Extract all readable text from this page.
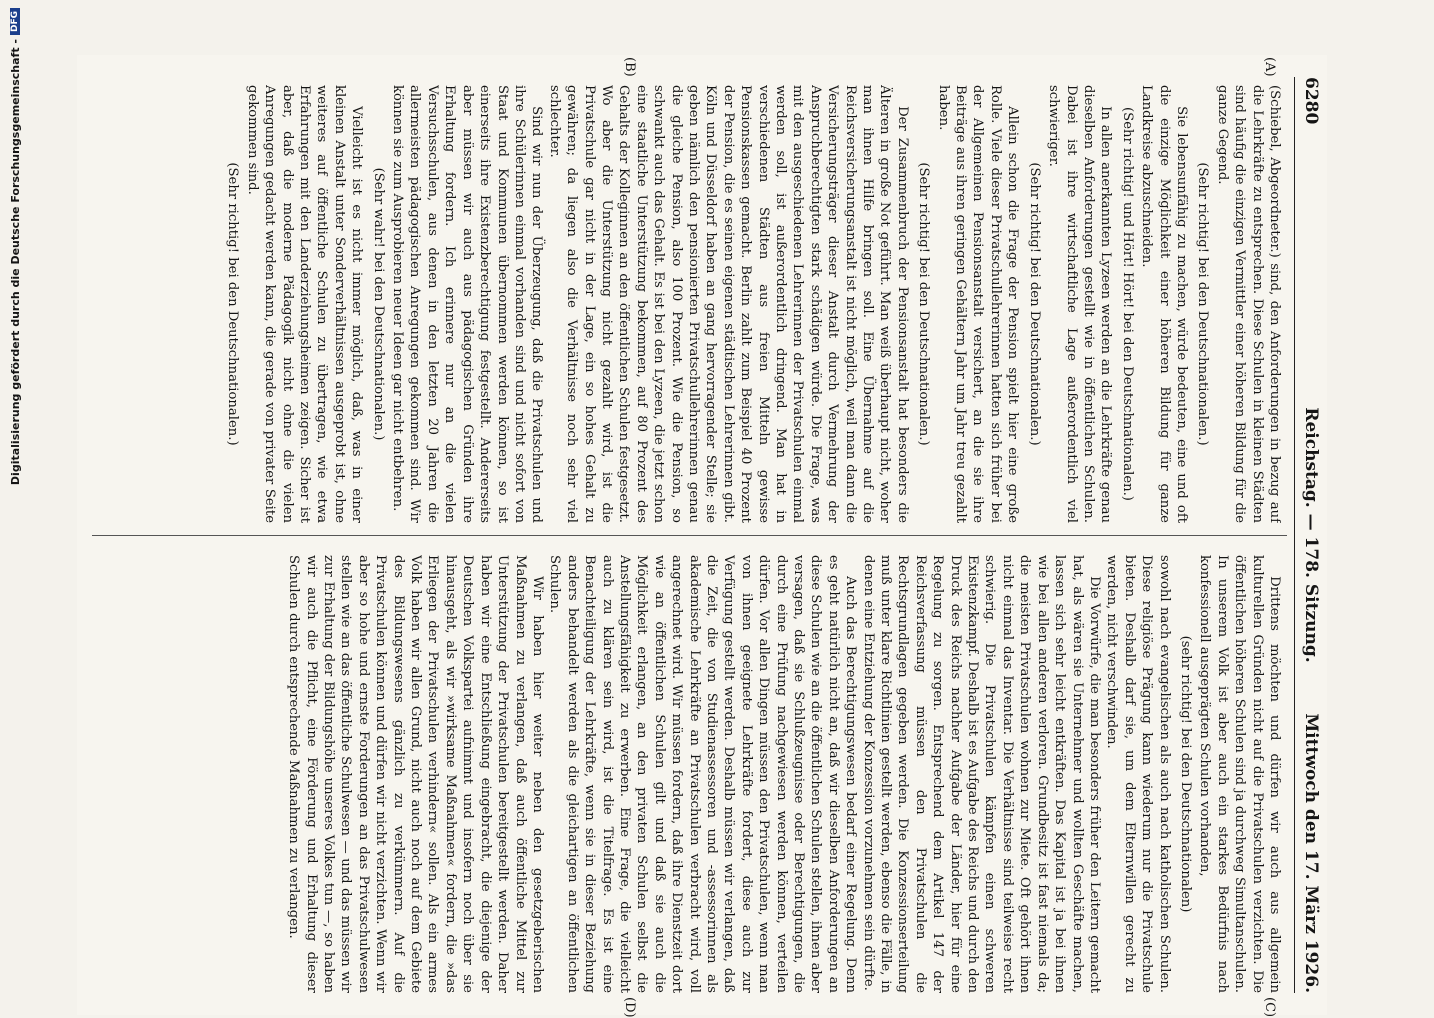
6280
Reichstag. — 178. Sitzung.
Mittwoch den 17. März 1926.
(A)
(B)
(C)
(D)

(Schiebel, Abgeordneter.) sind, den Anforderungen in bezug auf die Lehrkräfte zu entsprechen. Diese Schulen in kleinen Städten sind häufig die einzigen Vermittler einer höheren Bildung für die ganze Gegend.

(Sehr richtig! bei den Deutschnationalen.)

Sie lebensunfähig zu machen, würde bedeuten, eine und oft die einzige Möglichkeit einer höheren Bildung für ganze Landkreise abzuschneiden.

(Sehr richtig! und Hört! Hört! bei den Deutschnationalen.)

In allen anerkannten Lyzeen werden an die Lehrkräfte genau dieselben Anforderungen gestellt wie in öffentlichen Schulen. Dabei ist ihre wirtschaftliche Lage außerordentlich viel schwieriger.

(Sehr richtig! bei den Deutschnationalen.)

Allein schon die Frage der Pension spielt hier eine große Rolle. Viele dieser Privatschullehrerinnen hatten sich früher bei der Allgemeinen Pensionsanstalt versichert, an die sie ihre Beiträge aus ihren geringen Gehältern Jahr um Jahr treu gezahlt haben.

(Sehr richtig! bei den Deutschnationalen.)

Der Zusammenbruch der Pensionsanstalt hat besonders die Älteren in große Not geführt. Man weiß überhaupt nicht, woher man ihnen Hilfe bringen soll. Eine Übernahme auf die Reichsversicherungsanstalt ist nicht möglich, weil man dann die Versicherungsträger dieser Anstalt durch Vermehrung der Anspruchberechtigten stark schädigen würde. Die Frage, was mit den ausgeschiedenen Lehrerinnen der Privatschulen einmal werden soll, ist außerordentlich dringend. Man hat in verschiedenen Städten aus freien Mitteln gewisse Pensionskassen gemacht. Berlin zahlt zum Beispiel 40 Prozent der Pension, die es seinen eigenen städtischen Lehrerinnen gibt. Köln und Düsseldorf haben an gang hervorragender Stelle; sie geben nämlich den pensionierten Privatschullehrerinnen genau die gleiche Pension, also 100 Prozent. Wie die Pension, so schwankt auch das Gehalt. Es ist bei den Lyzeen, die jetzt schon eine staatliche Unterstützung bekommen, auf 80 Prozent des Gehalts der Kolleginnen an den öffentlichen Schulen festgesetzt. Wo aber die Unterstützung nicht gezahlt wird, ist die Privatschule gar nicht in der Lage, ein so hohes Gehalt zu gewähren; da liegen also die Verhältnisse noch sehr viel schlechter.

Sind wir nun der Überzeugung, daß die Privatschulen und ihre Schülerinnen einmal vorhanden sind und nicht sofort von Staat und Kommunen übernommen werden können, so ist einerseits ihre Existenzberechtigung festgestellt. Andererseits aber müssen wir auch aus pädagogischen Gründen ihre Erhaltung fordern. Ich erinnere nur an die vielen Versuchsschulen, aus denen in den letzten 20 Jahren die allermeisten pädagogischen Anregungen gekommen sind. Wir können sie zum Ausprobieren neuer Ideen gar nicht entbehren.

(Sehr wahr! bei den Deutschnationalen.)

Vielleicht ist es nicht immer möglich, daß, was in einer kleinen Anstalt unter Sonderverhältnissen ausgeprobt ist, ohne weiteres auf öffentliche Schulen zu übertragen, wie etwa Erfahrungen mit den Landerziehungsheimen zeigen. Sicher ist aber, daß die moderne Pädagogik nicht ohne die vielen Anregungen gedacht werden kann, die gerade von privater Seite gekommen sind.

(Sehr richtig! bei den Deutschnationalen.)

Drittens möchten und dürfen wir auch aus allgemein kulturellen Gründen nicht auf die Privatschulen verzichten. Die öffentlichen höheren Schulen sind ja durchweg Simultanschulen. In unserem Volk ist aber auch ein starkes Bedürfnis nach konfessionell ausgeprägten Schulen vorhanden,

(sehr richtig! bei den Deutschnationalen)

sowohl nach evangelischen als auch nach katholischen Schulen. Diese religiöse Prägung kann wiederum nur die Privatschule bieten. Deshalb darf sie, um dem Elternwillen gerecht zu werden, nicht verschwinden.

Die Vorwürfe, die man besonders früher den Leitern gemacht hat, als wären sie Unternehmer und wollten Geschäfte machen, lassen sich sehr leicht entkräften. Das Kapital ist ja bei ihnen wie bei allen anderen verloren. Grundbesitz ist fast niemals da; die meisten Privatschulen wohnen zur Miete. Oft gehört ihnen nicht einmal das Inventar. Die Verhältnisse sind teilweise recht schwierig. Die Privatschulen kämpfen einen schweren Existenzkampf. Deshalb ist es Aufgabe des Reichs und durch den Druck des Reichs nachher Aufgabe der Länder, hier für eine Regelung zu sorgen. Entsprechend dem Artikel 147 der Reichsverfassung müssen den Privatschulen die Rechtsgrundlagen gegeben werden. Die Konzessionserteilung muß unter klare Richtlinien gestellt werden, ebenso die Fälle, in denen eine Entziehung der Konzession vorzunehmen sein dürfte.

Auch das Berechtigungswesen bedarf einer Regelung. Denn es geht natürlich nicht an, daß wir dieselben Anforderungen an diese Schulen wie an die öffentlichen Schulen stellen, ihnen aber versagen, daß sie Schlußzeugnisse oder Berechtigungen, die durch eine Prüfung nachgewiesen werden können, verteilen dürfen. Vor allen Dingen müssen den Privatschulen, wenn man von ihnen geeignete Lehrkräfte fordert, diese auch zur Verfügung gestellt werden. Deshalb müssen wir verlangen, daß die Zeit, die von Studienassessoren und -assessorinnen als akademische Lehrkräfte an Privatschulen verbracht wird, voll angerechnet wird. Wir müssen fordern, daß ihre Dienstzeit dort wie an öffentlichen Schulen gilt und daß sie auch die Möglichkeit erlangen, an den privaten Schulen selbst die Anstellungsfähigkeit zu erwerben. Eine Frage, die vielleicht auch zu klären sein wird, ist die Titelfrage. Es ist eine Benachteiligung der Lehrkräfte, wenn sie in dieser Beziehung anders behandelt werden als die gleichartigen an öffentlichen Schulen.

Wir haben hier weiter neben den gesetzgeberischen Maßnahmen zu verlangen, daß auch öffentliche Mittel zur Unterstützung der Privatschulen bereitgestellt werden. Daher haben wir eine Entschließung eingebracht, die diejenige der Deutschen Volkspartei aufnimmt und insofern noch über sie hinausgeht, als wir »wirksame Maßnahmen« fordern, die »das Erliegen der Privatschulen verhindern« sollen. Als ein armes Volk haben wir allen Grund, nicht auch noch auf dem Gebiete des Bildungswesens gänzlich zu verkümmern. Auf die Privatschulen können und dürfen wir nicht verzichten. Wenn wir aber so hohe und ernste Forderungen an das Privatschulwesen stellen wie an das öffentliche Schulwesen — und das müssen wir zur Erhaltung der Bildungshöhe unseres Volkes tun —, so haben wir auch die Pflicht, eine Förderung und Erhaltung dieser Schulen durch entsprechende Maßnahmen zu verlangen.

Digitalisierung gefördert durch die Deutsche Forschungsgemeinschaft -
DFG
